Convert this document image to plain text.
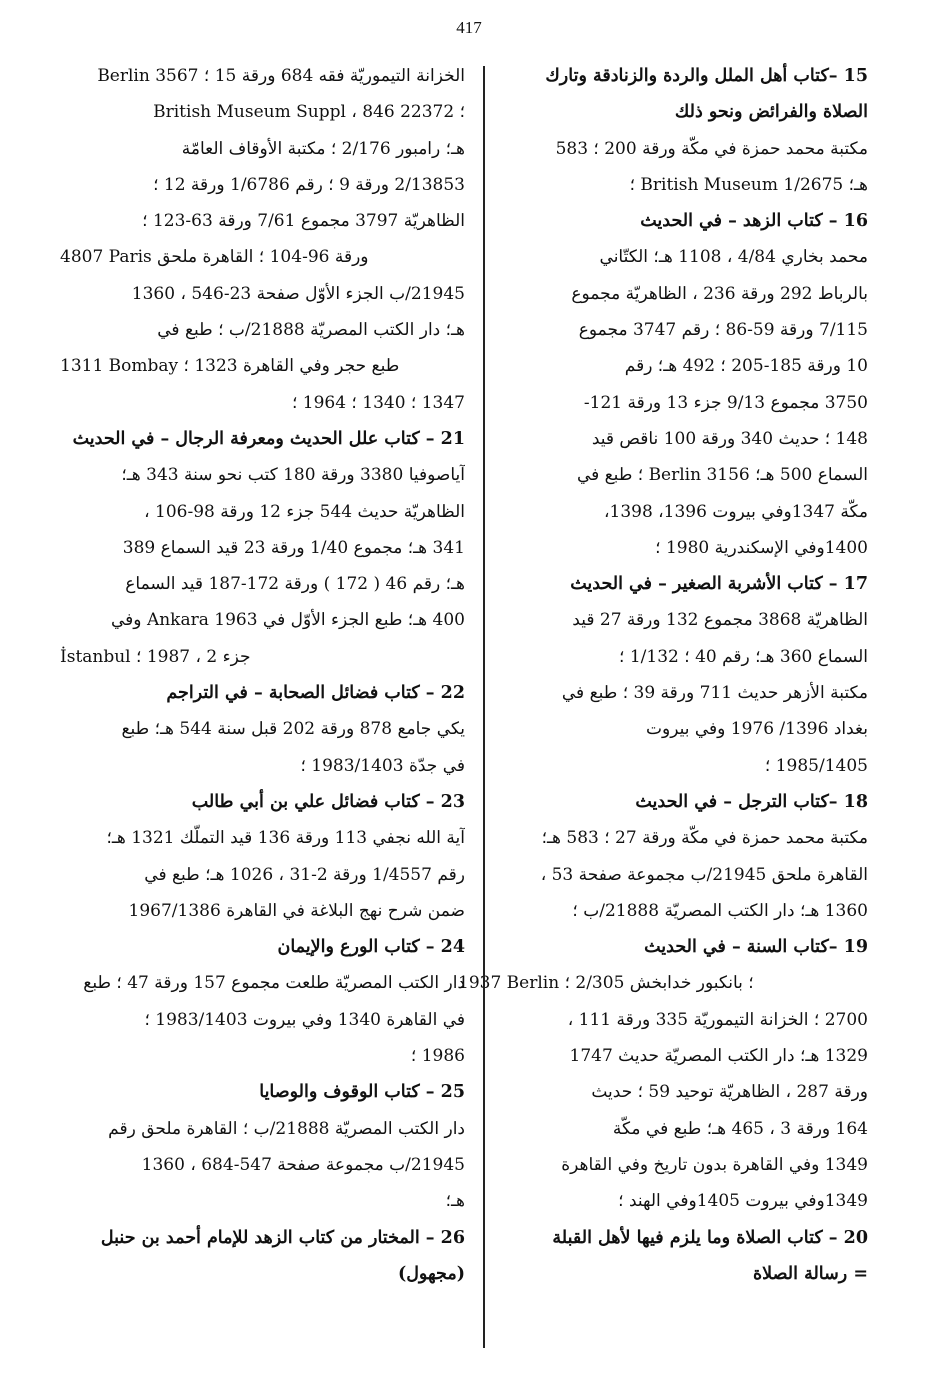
417
15 –كتاب أهل الملل والردة والزنادقة وتارك
الصلاة والفرائض ونحو ذلك
مكتبة محمد حمزة في مكّة ورقة 200 ؛ 583
هـ؛ 1/2675 British Museum ؛
16 – كتاب الزهد – في الحديث
محمد بخاري 4/84 ، 1108 هـ؛ الكتّاني
بالرباط 292 ورقة 236 ، الظاهريّة مجموع
7/115 ورقة 59-86 ؛ رقم 3747 مجموع
10 ورقة 185-205 ؛ 492 هـ؛ رقم
3750 مجموع 9/13 جزء 13 ورقة 121-
148 ؛ حديث 340 ورقة 100 ناقص قيد
السماع 500 هـ؛ 3156 Berlin ؛ طبع في
مكّة 1347وفي بيروت 1396، 1398،
1400وفي الإسكندرية 1980 ؛
17 – كتاب الأشربة الصغير – في الحديث
الظاهريّة 3868 مجموع 132 ورقة 27 قيد
السماع 360 هـ؛ رقم 40 ؛ 1/132 ؛
مكتبة الأزهر حديث 711 ورقة 39 ؛ طبع في
بغداد 1396/ 1976 وفي بيروت
1985/1405 ؛
18 –كتاب الترجل – في الحديث
مكتبة محمد حمزة في مكّة ورقة 27 ؛ 583 هـ؛
القاهرة ملحق 21945/ب مجموعة صفحة 53 ،
1360 هـ؛ دار الكتب المصريّة 21888/ب ؛
19 –كتاب السنة – في الحديث
1937 Berlin ؛ بانكبور خدابخش 2/305 ؛
2700 ؛ الخزانة التيموريّة 335 ورقة 111 ،
1329 هـ؛ دار الكتب المصريّة حديث 1747
ورقة 287 ، الظاهريّة توحيد 59 ؛ حديث
164 ورقة 3 ، 465 هـ؛ طبع في مكّة
1349 وفي القاهرة بدون تاريخ وفي القاهرة
1349وفي بيروت 1405وفي الهند ؛
20 – كتاب الصلاة وما يلزم فيها لأهل القبلة
= رسالة الصلاة
الخزانة التيموريّة فقه 684 ورقة 15 ؛ 3567 Berlin
؛ 22372 British Museum Suppl ، 846
هـ؛ رامبور 2/176 ؛ مكتبة الأوقاف العامّة
2/13853 ورقة 9 ؛ رقم 1/6786 ورقة 12 ؛
الظاهريّة 3797 مجموع 7/61 ورقة 63-123 ؛
4807 Paris ورقة 96-104 ؛ القاهرة ملحق
21945/ب الجزء الأوّل صفحة 23-546 ، 1360
هـ؛ دار الكتب المصريّة 21888/ب ؛ طبع في
1311 Bombay طبع حجر وفي القاهرة 1323 ؛
1347 ؛ 1340 ؛ 1964 ؛
21 – كتاب علل الحديث ومعرفة الرجال – في الحديث
آياصوفيا 3380 ورقة 180 كتب نحو سنة 343 هـ؛
الظاهريّة حديث 544 جزء 12 ورقة 98-106 ،
341 هـ؛ مجموع 1/40 ورقة 23 قيد السماع 389
هـ؛ رقم 46 ( 172 ) ورقة 172-187 قيد السماع
400 هـ؛ طبع الجزء الأوّل في Ankara 1963 وفي
İstanbul جزء 2 ، 1987 ؛
22 – كتاب فضائل الصحابة – في التراجم
يكي جامع 878 ورقة 202 قبل سنة 544 هـ؛ طبع
في جدّة 1983/1403 ؛
23 – كتاب فضائل علي بن أبي طالب
آية الله نجفي 113 ورقة 136 قيد التملّك 1321 هـ؛
رقم 1/4557 ورقة 2-31 ، 1026 هـ؛ طبع في
ضمن شرح نهج البلاغة في القاهرة 1967/1386
24 – كتاب الورع والإيمان
دار الكتب المصريّة طلعت مجموع 157 ورقة 47 ؛ طبع
في القاهرة 1340 وفي بيروت 1983/1403 ؛
1986 ؛
25 – كتاب الوقوف والوصايا
دار الكتب المصريّة 21888/ب ؛ القاهرة ملحق رقم
21945/ب مجموعة صفحة 547-684 ، 1360
هـ؛
26 – المختار من كتاب الزهد للإمام أحمد بن حنبل
(مجهول)
